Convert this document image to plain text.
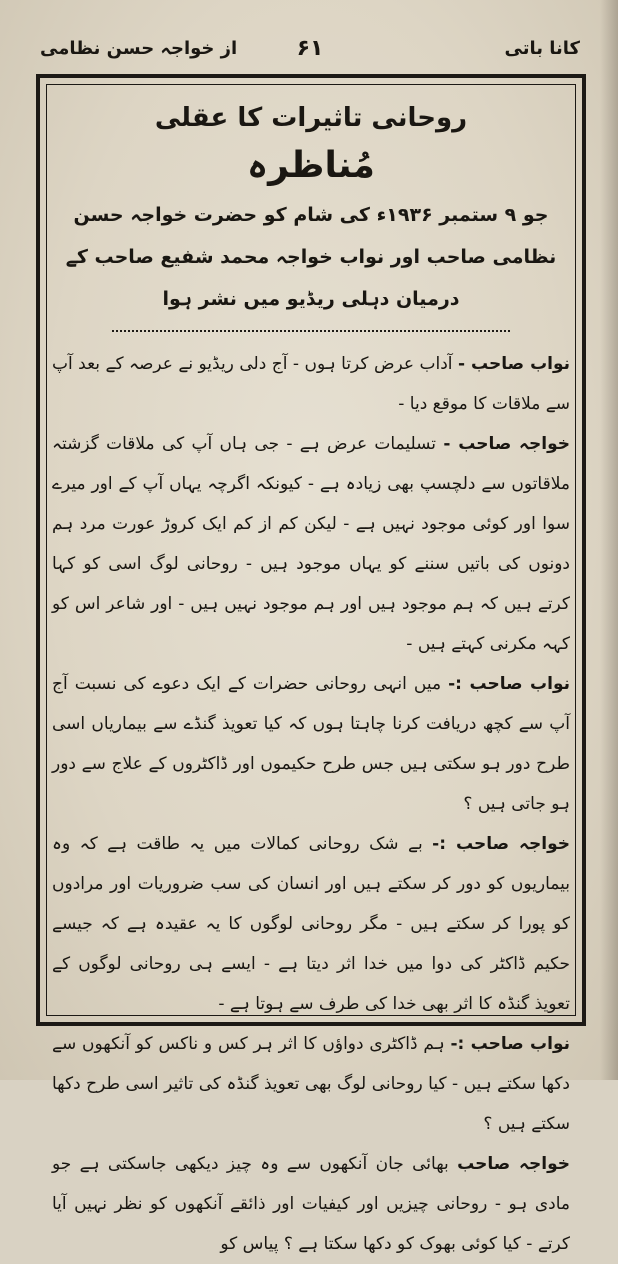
کانا باتی
۶۱
از خواجہ حسن نظامی
روحانی تاثیرات کا عقلی
مُناظرہ
جو ۹ ستمبر ۱۹۳۶ء کی شام کو حضرت خواجہ حسن نظامی صاحب اور نواب خواجہ محمد شفیع صاحب کے درمیان دہلی ریڈیو میں نشر ہوا

نواب صاحب - آداب عرض کرتا ہوں - آج دلی ریڈیو نے عرصہ کے بعد آپ سے ملاقات کا موقع دیا -

خواجہ صاحب - تسلیمات عرض ہے - جی ہاں آپ کی ملاقات گزشتہ ملاقاتوں سے دلچسپ بھی زیادہ ہے - کیونکہ اگرچہ یہاں آپ کے اور میرے سوا اور کوئی موجود نہیں ہے - لیکن کم از کم ایک کروڑ عورت مرد ہم دونوں کی باتیں سننے کو یہاں موجود ہیں - روحانی لوگ اسی کو کہا کرتے ہیں کہ ہم موجود ہیں اور ہم موجود نہیں ہیں - اور شاعر اس کو کہہ مکرنی کہتے ہیں -

نواب صاحب :- میں انہی روحانی حضرات کے ایک دعوے کی نسبت آج آپ سے کچھ دریافت کرنا چاہتا ہوں کہ کیا تعویذ گنڈے سے بیماریاں اسی طرح دور ہو سکتی ہیں جس طرح حکیموں اور ڈاکٹروں کے علاج سے دور ہو جاتی ہیں ؟

خواجہ صاحب :- بے شک روحانی کمالات میں یہ طاقت ہے کہ وہ بیماریوں کو دور کر سکتے ہیں اور انسان کی سب ضروریات اور مرادوں کو پورا کر سکتے ہیں - مگر روحانی لوگوں کا یہ عقیدہ ہے کہ جیسے حکیم ڈاکٹر کی دوا میں خدا اثر دیتا ہے - ایسے ہی روحانی لوگوں کے تعویذ گنڈہ کا اثر بھی خدا کی طرف سے ہوتا ہے -

نواب صاحب :- ہم ڈاکٹری دواؤں کا اثر ہر کس و ناکس کو آنکھوں سے دکھا سکتے ہیں - کیا روحانی لوگ بھی تعویذ گنڈہ کی تاثیر اسی طرح دکھا سکتے ہیں ؟

خواجہ صاحب بھائی جان آنکھوں سے وہ چیز دیکھی جاسکتی ہے جو مادی ہو - روحانی چیزیں اور کیفیات اور ذائقے آنکھوں کو نظر نہیں آیا کرتے - کیا کوئی بھوک کو دکھا سکتا ہے ؟ پیاس کو
